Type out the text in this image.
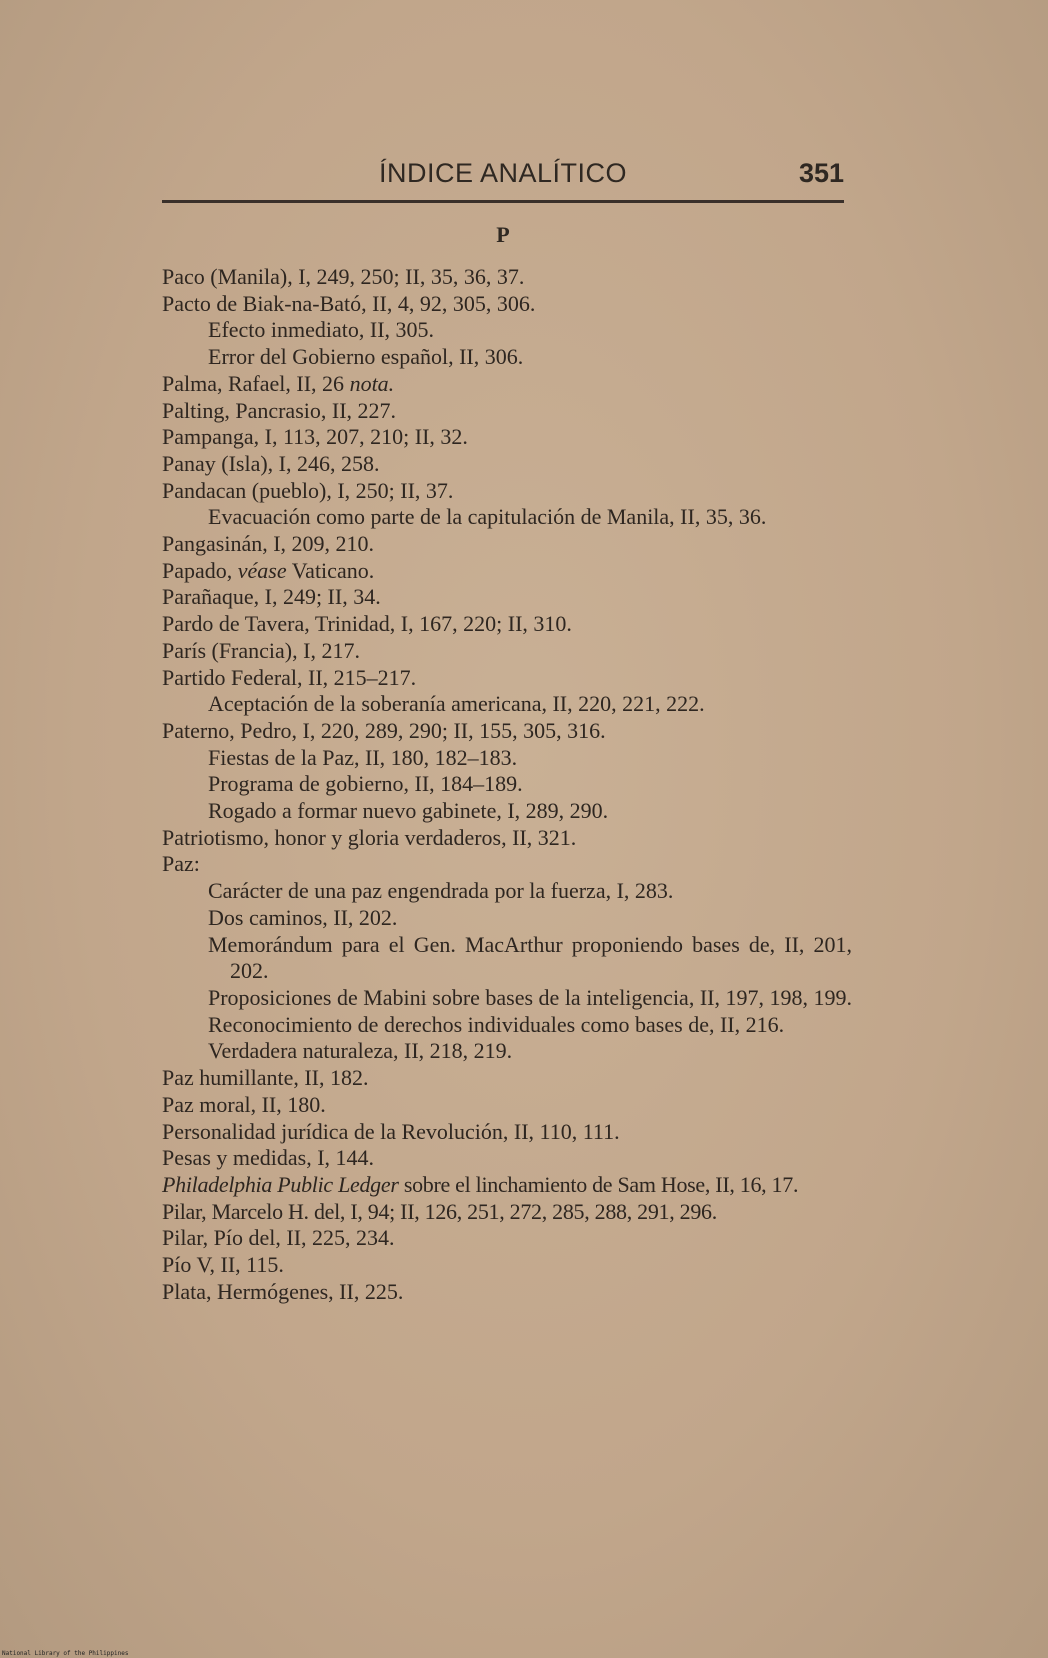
ÍNDICE ANALÍTICO	351
P
Paco (Manila), I, 249, 250; II, 35, 36, 37.
Pacto de Biak-na-Bató, II, 4, 92, 305, 306.
Efecto inmediato, II, 305.
Error del Gobierno español, II, 306.
Palma, Rafael, II, 26 nota.
Palting, Pancrasio, II, 227.
Pampanga, I, 113, 207, 210; II, 32.
Panay (Isla), I, 246, 258.
Pandacan (pueblo), I, 250; II, 37.
Evacuación como parte de la capitulación de Manila, II, 35, 36.
Pangasinán, I, 209, 210.
Papado, véase Vaticano.
Parañaque, I, 249; II, 34.
Pardo de Tavera, Trinidad, I, 167, 220; II, 310.
París (Francia), I, 217.
Partido Federal, II, 215–217.
Aceptación de la soberanía americana, II, 220, 221, 222.
Paterno, Pedro, I, 220, 289, 290; II, 155, 305, 316.
Fiestas de la Paz, II, 180, 182–183.
Programa de gobierno, II, 184–189.
Rogado a formar nuevo gabinete, I, 289, 290.
Patriotismo, honor y gloria verdaderos, II, 321.
Paz:
Carácter de una paz engendrada por la fuerza, I, 283.
Dos caminos, II, 202.
Memorándum para el Gen. MacArthur proponiendo bases de, II, 201, 202.
Proposiciones de Mabini sobre bases de la inteligencia, II, 197, 198, 199.
Reconocimiento de derechos individuales como bases de, II, 216.
Verdadera naturaleza, II, 218, 219.
Paz humillante, II, 182.
Paz moral, II, 180.
Personalidad jurídica de la Revolución, II, 110, 111.
Pesas y medidas, I, 144.
Philadelphia Public Ledger sobre el linchamiento de Sam Hose, II, 16, 17.
Pilar, Marcelo H. del, I, 94; II, 126, 251, 272, 285, 288, 291, 296.
Pilar, Pío del, II, 225, 234.
Pío V, II, 115.
Plata, Hermógenes, II, 225.
National Library of the Philippines
